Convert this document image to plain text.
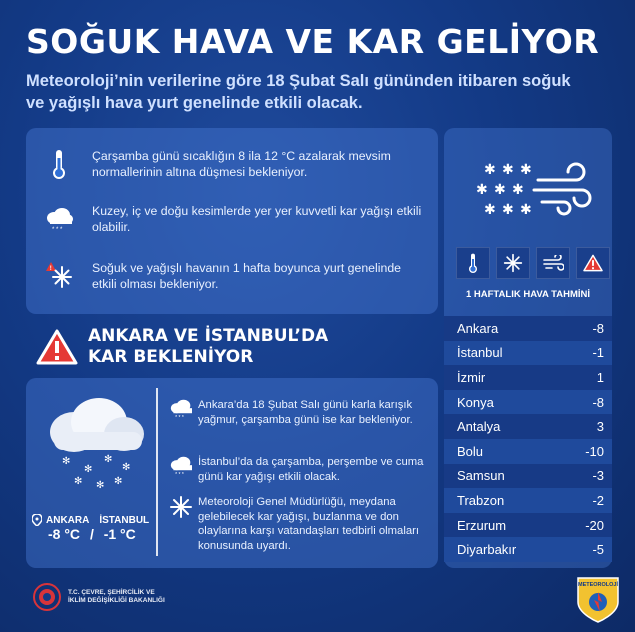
SOĞUK HAVA VE KAR GELİYOR
Meteoroloji’nin verilerine göre 18 Şubat Salı gününden itibaren soğuk ve yağışlı hava yurt genelinde etkili olacak.
Çarşamba günü sıcaklığın 8 ila 12 °C azalarak mevsim normallerinin altına düşmesi bekleniyor.
* * *
Kuzey, iç ve doğu kesimlerde yer yer kuvvetli kar yağışı etkili olabilir.
!	Soğuk ve yağışlı havanın 1 hafta boyunca yurt genelinde etkili olması bekleniyor.
ANKARA VE İSTANBUL’DA
KAR BEKLENİYOR
✻
✻
✻
✻
✻ ✻ ✻
ANKARA İSTANBUL
-8 °C / -1 °C
* * *
Ankara’da 18 Şubat Salı günü karla karışık yağmur, çarşamba günü ise kar bekleniyor.
* * *
İstanbul’da da çarşamba, perşembe ve cuma günü kar yağışı etkili olacak.
Meteoroloji Genel Müdürlüğü, meydana gelebilecek kar yağışı, buzlanma ve don olaylarına karşı vatandaşları tedbirli olmaları konusunda uyardı.
✱ ✱ ✱
✱ ✱ ✱
✱ ✱ ✱
1 HAFTALIK HAVA TAHMİNİ
Ankara	-8
İstanbul	-1
İzmir	1
Konya	-8
Antalya	3
Bolu	-10
Samsun	-3
Trabzon	-2
Erzurum	-20
Diyarbakır	-5
T.C. ÇEVRE, ŞEHİRCİLİK VE
İKLİM DEĞİŞİKLİĞİ BAKANLIĞI
METEOROLOJİ
